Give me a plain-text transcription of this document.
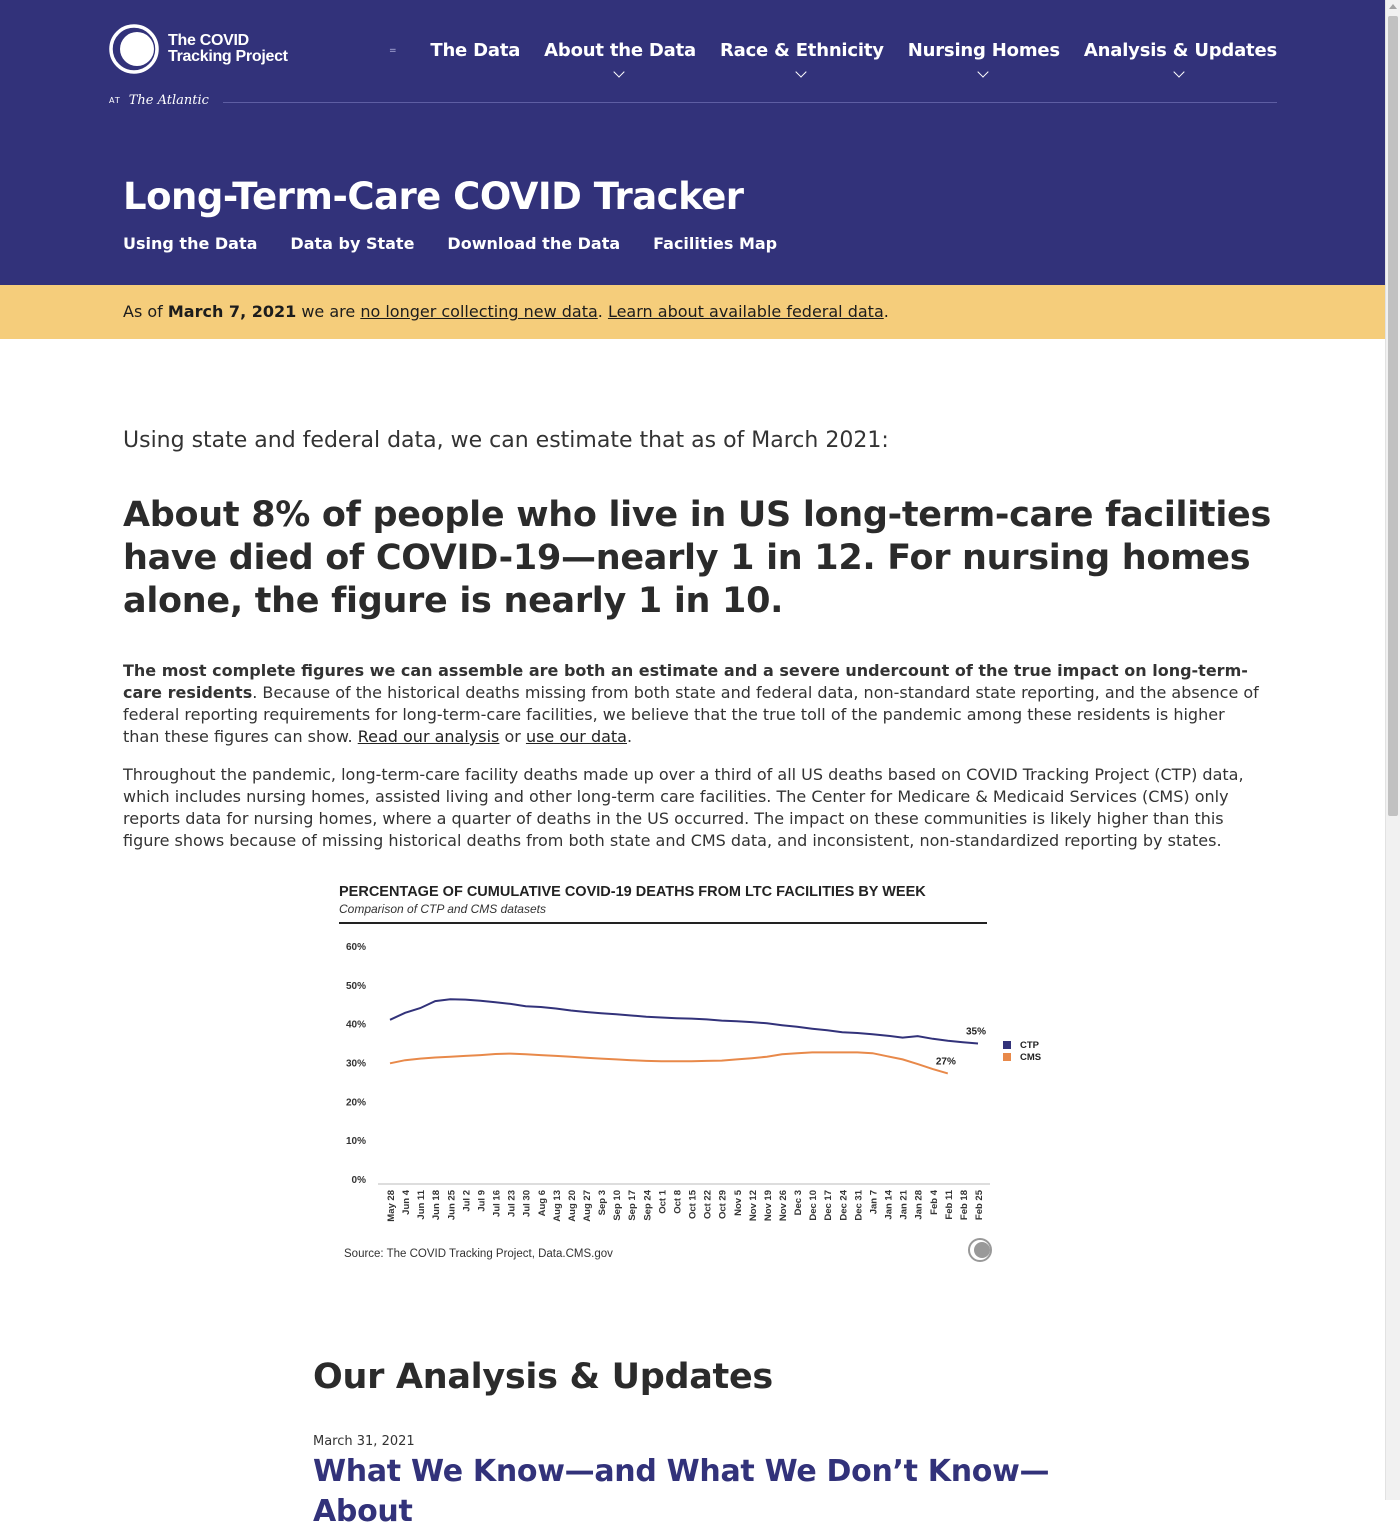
The COVID
Tracking Project
AT The Atlantic
= The Data About the Data Race & Ethnicity Nursing Homes Analysis & Updates
Long-Term-Care COVID Tracker
Using the Data Data by State Download the Data Facilities Map
As of March 7, 2021 we are no longer collecting new data. Learn about available federal data.

Using state and federal data, we can estimate that as of March 2021:

About 8% of people who live in US long-term-care facilities have died of COVID-19—nearly 1 in 12. For nursing homes alone, the figure is nearly 1 in 10.

The most complete figures we can assemble are both an estimate and a severe undercount of the true impact on long-term-care residents. Because of the historical deaths missing from both state and federal data, non-standard state reporting, and the absence of federal reporting requirements for long-term-care facilities, we believe that the true toll of the pandemic among these residents is higher than these figures can show. Read our analysis or use our data.

Throughout the pandemic, long-term-care facility deaths made up over a third of all US deaths based on COVID Tracking Project (CTP) data, which includes nursing homes, assisted living and other long-term care facilities. The Center for Medicare & Medicaid Services (CMS) only reports data for nursing homes, where a quarter of deaths in the US occurred. The impact on these communities is likely higher than this figure shows because of missing historical deaths from both state and CMS data, and inconsistent, non-standardized reporting by states.

PERCENTAGE OF CUMULATIVE COVID-19 DEATHS FROM LTC FACILITIES BY WEEK
Comparison of CTP and CMS datasets
0%
10%
20%
30%
40%
50%
60%
May 28 Jun 4 Jun 11 Jun 18 Jun 25 Jul 2 Jul 9 Jul 16 Jul 23 Jul 30 Aug 6 Aug 13 Aug 20 Aug 27 Sep 3 Sep 10 Sep 17 Sep 24 Oct 1 Oct 8 Oct 15 Oct 22 Oct 29 Nov 5 Nov 12 Nov 19 Nov 26 Dec 3 Dec 10 Dec 17 Dec 24 Dec 31 Jan 7 Jan 14 Jan 21 Jan 28 Feb 4 Feb 11 Feb 18 Feb 25
35%
CTP
27%	CMS
Source: The COVID Tracking Project, Data.CMS.gov
Our Analysis & Updates
March 31, 2021
What We Know—and What We Don’t Know—About
